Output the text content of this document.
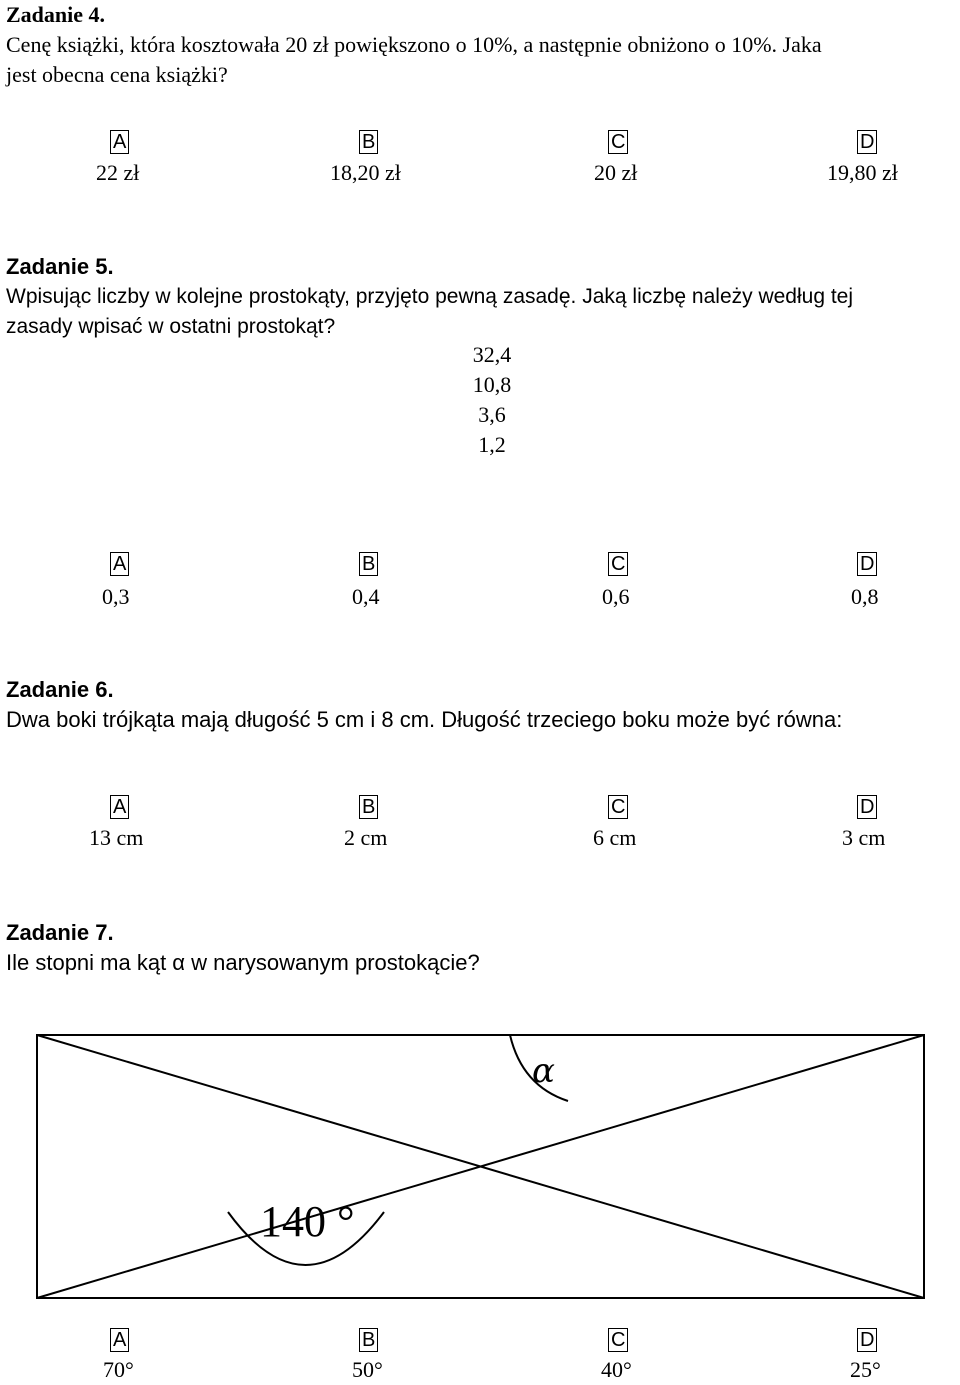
Zadanie 4.
Cenę książki, która kosztowała 20 zł powiększono o 10%, a następnie obniżono o 10%. Jaka
jest obecna cena książki?
A	B	C	D
22 zł	18,20 zł	20 zł	19,80 zł
Zadanie 5.
Wpisując liczby w kolejne prostokąty, przyjęto pewną zasadę. Jaką liczbę należy według tej
zasady wpisać w ostatni prostokąt?
32,4
10,8
3,6
1,2
A	B	C	D
0,3	0,4	0,6	0,8
Zadanie 6.
Dwa boki trójkąta mają długość 5 cm i 8 cm. Długość trzeciego boku może być równa:
A	B	C	D
13 cm	2 cm	6 cm	3 cm
Zadanie 7.
Ile stopni ma kąt α w narysowanym prostokącie?
α
140 °
A	B	C	D
70°	50°	40°	25°
